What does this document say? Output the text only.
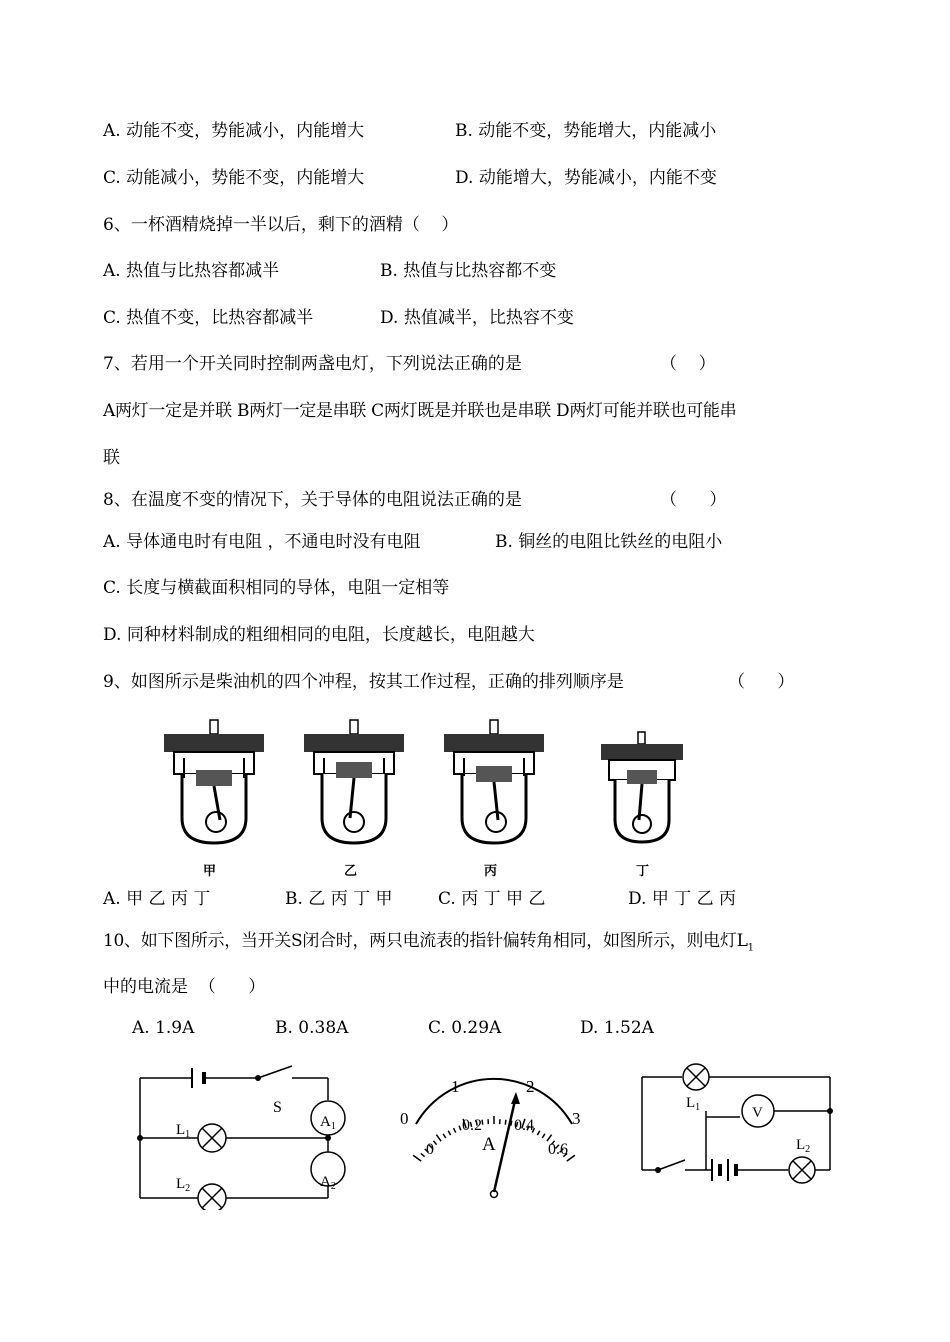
A. 动能不变，势能减小，内能增大	B. 动能不变，势能增大，内能减小
C. 动能减小，势能不变，内能增大	D. 动能增大，势能减小，内能不变
6、一杯酒精烧掉一半以后，剩下的酒精（    ）
A. 热值与比热容都减半	B. 热值与比热容都不变
C. 热值不变，比热容都减半	D. 热值减半，比热容不变
7、若用一个开关同时控制两盏电灯，下列说法正确的是	（    ）
A两灯一定是并联 B两灯一定是串联 C两灯既是并联也是串联 D两灯可能并联也可能串
联
8、在温度不变的情况下，关于导体的电阻说法正确的是	（      ）
A. 导体通电时有电阻 ，不通电时没有电阻	B. 铜丝的电阻比铁丝的电阻小
C. 长度与横截面积相同的导体，电阻一定相等
D. 同种材料制成的粗细相同的电阻，长度越长，电阻越大
9、如图所示是柴油机的四个冲程，按其工作过程，正确的排列顺序是	（      ）
甲	乙	丙	丁
A. 甲 乙 丙 丁	B. 乙 丙 丁 甲	C. 丙 丁 甲 乙	D. 甲 丁 乙 丙
10、如下图所示，当开关S闭合时，两只电流表的指针偏转角相同，如图所示，则电灯$L_1$
中的电流是  （      ）
A. 1.9A	B. 0.38A	C. 0.29A	D. 1.52A
S
$L_1$
$L_2$
$A_1$
$A_2$
0
1	2
3
0
0.2 0.4
0.6
A
$L_1$	V
$L_2$
